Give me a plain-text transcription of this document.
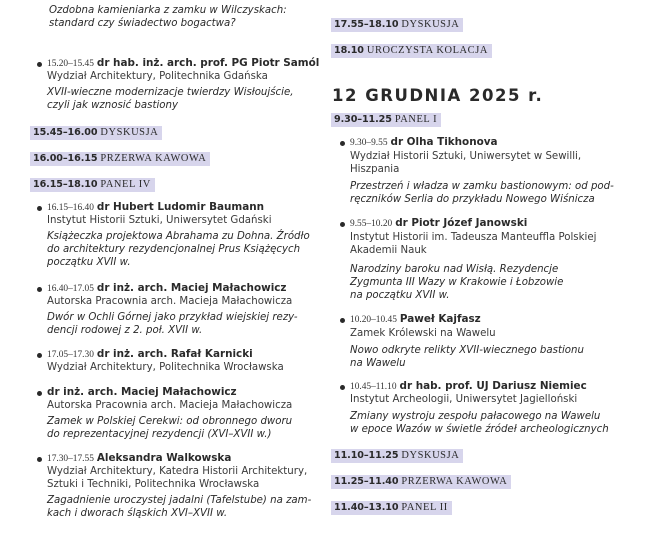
Ozdobna kamieniarka z zamku w Wilczyskach:
standard czy świadectwo bogactwa?
15.20–15.45 dr hab. inż. arch. prof. PG Piotr Samól
Wydział Architektury, Politechnika Gdańska
XVII-wieczne modernizacje twierdzy Wisłoujście,
czyli jak wznosić bastiony
15.45–16.00 DYSKUSJA
16.00–16.15 PRZERWA KAWOWA
16.15–18.10 PANEL IV
16.15–16.40 dr Hubert Ludomir Baumann
Instytut Historii Sztuki, Uniwersytet Gdański
Książeczka projektowa Abrahama zu Dohna. Źródło
do architektury rezydencjonalnej Prus Książęcych
początku XVII w.
16.40–17.05 dr inż. arch. Maciej Małachowicz
Autorska Pracownia arch. Macieja Małachowicza
Dwór w Ochli Górnej jako przykład wiejskiej rezy-
dencji rodowej z 2. poł. XVII w.
17.05–17.30 dr inż. arch. Rafał Karnicki
Wydział Architektury, Politechnika Wrocławska
dr inż. arch. Maciej Małachowicz
Autorska Pracownia arch. Macieja Małachowicza
Zamek w Polskiej Cerekwi: od obronnego dworu
do reprezentacyjnej rezydencji (XVI–XVII w.)
17.30–17.55 Aleksandra Walkowska
Wydział Architektury, Katedra Historii Architektury,
Sztuki i Techniki, Politechnika Wrocławska
Zagadnienie uroczystej jadalni (Tafelstube) na zam-
kach i dworach śląskich XVI–XVII w.
17.55–18.10 DYSKUSJA
18.10 UROCZYSTA KOLACJA
12 GRUDNIA 2025 r.
9.30–11.25 PANEL I
9.30–9.55 dr Olha Tikhonova
Wydział Historii Sztuki, Uniwersytet w Sewilli,
Hiszpania
Przestrzeń i władza w zamku bastionowym: od pod-
ręczników Serlia do przykładu Nowego Wiśnicza
9.55–10.20 dr Piotr Józef Janowski
Instytut Historii im. Tadeusza Manteuffla Polskiej
Akademii Nauk
Narodziny baroku nad Wisłą. Rezydencje
Zygmunta III Wazy w Krakowie i Łobzowie
na początku XVII w.
10.20–10.45 Paweł Kajfasz
Zamek Królewski na Wawelu
Nowo odkryte relikty XVII-wiecznego bastionu
na Wawelu
10.45–11.10 dr hab. prof. UJ Dariusz Niemiec
Instytut Archeologii, Uniwersytet Jagielloński
Zmiany wystroju zespołu pałacowego na Wawelu
w epoce Wazów w świetle źródeł archeologicznych
11.10–11.25 DYSKUSJA
11.25–11.40 PRZERWA KAWOWA
11.40–13.10 PANEL II
